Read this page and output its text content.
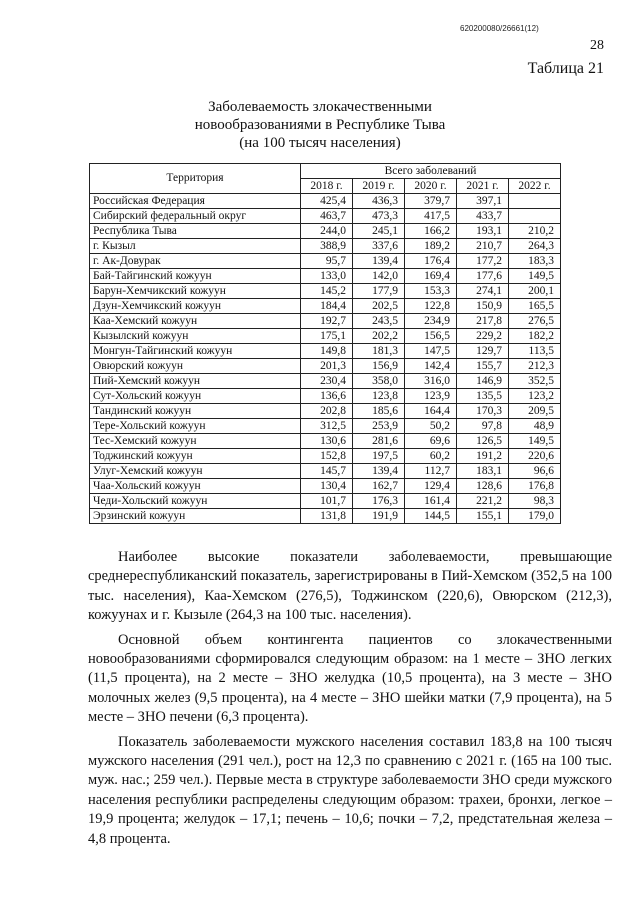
620200080/26661(12)
28
Таблица 21
Заболеваемость злокачественными
новообразованиями в Республике Тыва
(на 100 тысяч населения)
Территория	Всего заболеваний				
	2018 г.	2019 г.	2020 г.	2021 г.	2022 г.
Российская Федерация	425,4	436,3	379,7	397,1	
Сибирский федеральный округ	463,7	473,3	417,5	433,7	
Республика Тыва	244,0	245,1	166,2	193,1	210,2
г. Кызыл	388,9	337,6	189,2	210,7	264,3
г. Ак-Довурак	95,7	139,4	176,4	177,2	183,3
Бай-Тайгинский кожуун	133,0	142,0	169,4	177,6	149,5
Барун-Хемчикский кожуун	145,2	177,9	153,3	274,1	200,1
Дзун-Хемчикский кожуун	184,4	202,5	122,8	150,9	165,5
Каа-Хемский кожуун	192,7	243,5	234,9	217,8	276,5
Кызылский кожуун	175,1	202,2	156,5	229,2	182,2
Монгун-Тайгинский кожуун	149,8	181,3	147,5	129,7	113,5
Овюрский кожуун	201,3	156,9	142,4	155,7	212,3
Пий-Хемский кожуун	230,4	358,0	316,0	146,9	352,5
Сут-Хольский кожуун	136,6	123,8	123,9	135,5	123,2
Тандинский кожуун	202,8	185,6	164,4	170,3	209,5
Тере-Хольский кожуун	312,5	253,9	50,2	97,8	48,9
Тес-Хемский кожуун	130,6	281,6	69,6	126,5	149,5
Тоджинский кожуун	152,8	197,5	60,2	191,2	220,6
Улуг-Хемский кожуун	145,7	139,4	112,7	183,1	96,6
Чаа-Хольский кожуун	130,4	162,7	129,4	128,6	176,8
Чеди-Хольский кожуун	101,7	176,3	161,4	221,2	98,3
Эрзинский кожуун	131,8	191,9	144,5	155,1	179,0

Наиболее высокие показатели заболеваемости, превышающие среднереспубликанский показатель, зарегистрированы в Пий-Хемском (352,5 на 100 тыс. населения), Каа-Хемском (276,5), Тоджинском (220,6), Овюрском (212,3), кожуунах и г. Кызыле (264,3 на 100 тыс. населения).

Основной объем контингента пациентов со злокачественными новообразованиями сформировался следующим образом: на 1 месте – ЗНО легких (11,5 процента), на 2 месте – ЗНО желудка (10,5 процента), на 3 месте – ЗНО молочных желез (9,5 процента), на 4 месте – ЗНО шейки матки (7,9 процента), на 5 месте – ЗНО печени (6,3 процента).

Показатель заболеваемости мужского населения составил 183,8 на 100 тысяч мужского населения (291 чел.), рост на 12,3 по сравнению с 2021 г. (165 на 100 тыс. муж. нас.; 259 чел.). Первые места в структуре заболеваемости ЗНО среди мужского населения республики распределены следующим образом: трахеи, бронхи, легкое – 19,9 процента; желудок – 17,1; печень – 10,6; почки – 7,2, предстательная железа – 4,8 процента.
